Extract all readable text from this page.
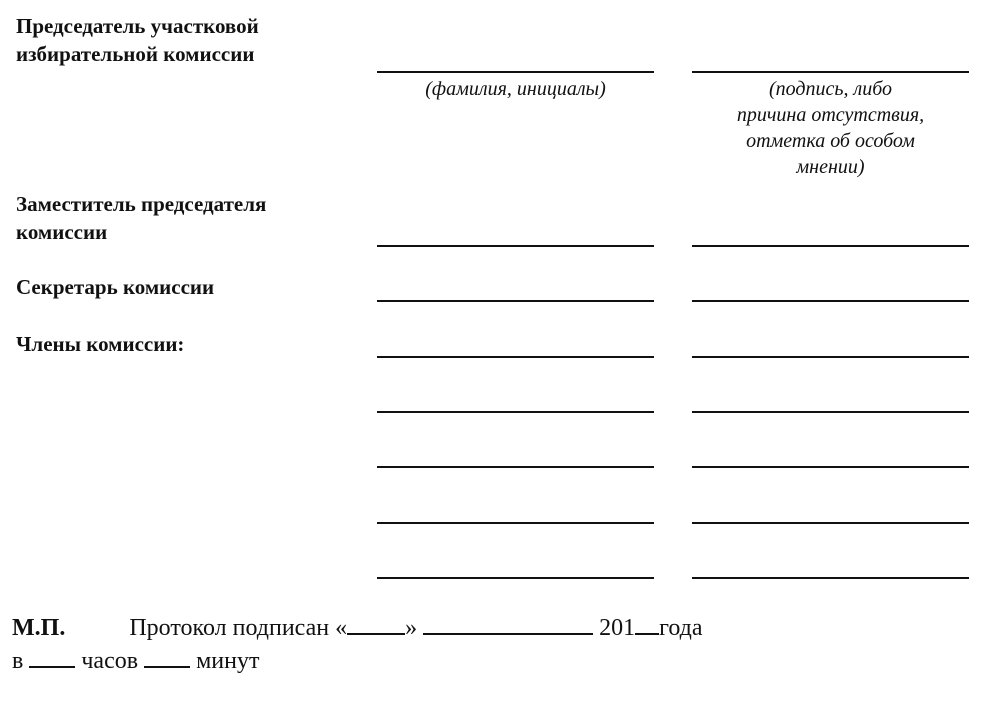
Председатель участковой
избирательной комиссии
(фамилия, инициалы)	(подпись, либо
причина отсутствия,
отметка об особом
мнении)
Заместитель председателя
комиссии
Секретарь комиссии
Члены комиссии:
М.П.	Протокол подписан « »	201 года
в часов минут
